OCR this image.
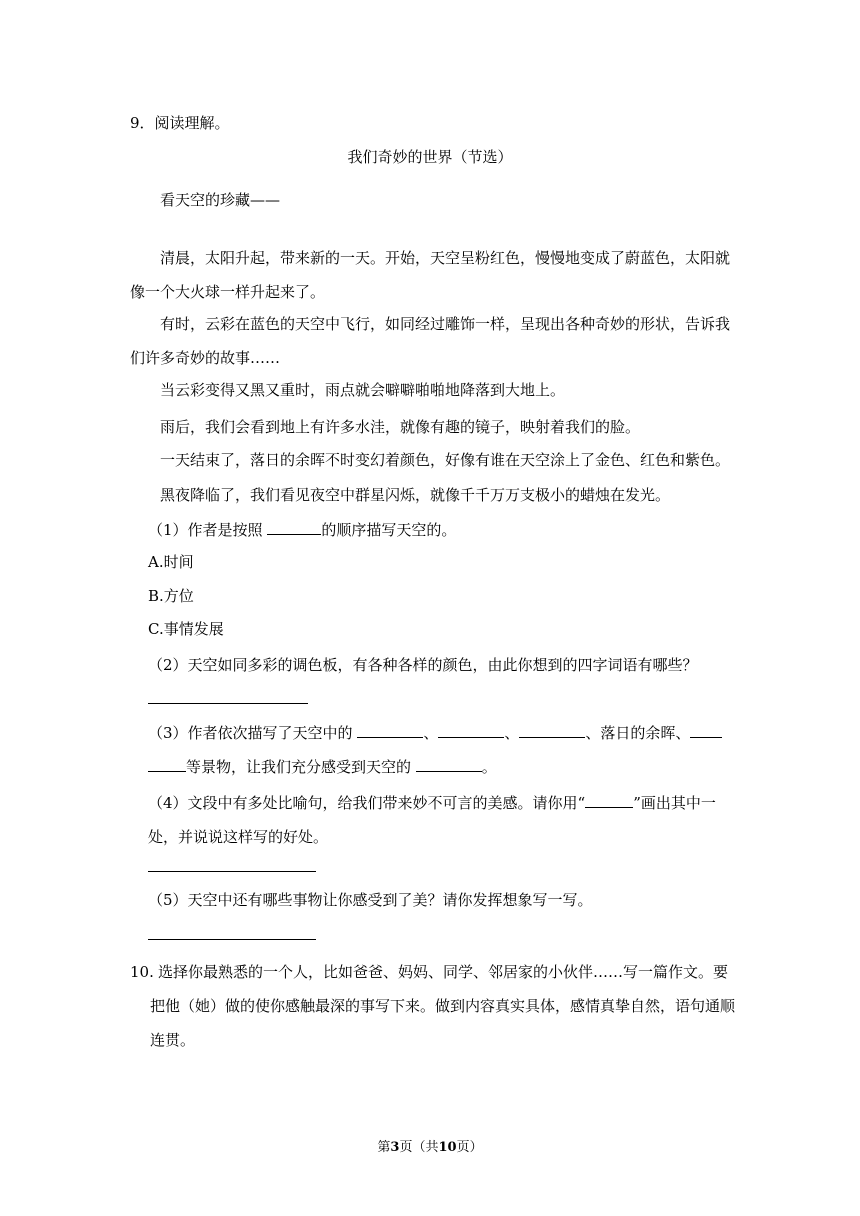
9．阅读理解。
我们奇妙的世界（节选）
看天空的珍藏——
清晨，太阳升起，带来新的一天。开始，天空呈粉红色，慢慢地变成了蔚蓝色，太阳就像一个大火球一样升起来了。
有时，云彩在蓝色的天空中飞行，如同经过雕饰一样，呈现出各种奇妙的形状，告诉我们许多奇妙的故事……
当云彩变得又黑又重时，雨点就会噼噼啪啪地降落到大地上。
雨后，我们会看到地上有许多水洼，就像有趣的镜子，映射着我们的脸。
一天结束了，落日的余晖不时变幻着颜色，好像有谁在天空涂上了金色、红色和紫色。
黑夜降临了，我们看见夜空中群星闪烁，就像千千万万支极小的蜡烛在发光。
（1）作者是按照	的顺序描写天空的。
A.时间
B.方位
C.事情发展
（2）天空如同多彩的调色板，有各种各样的颜色，由此你想到的四字词语有哪些？
（3）作者依次描写了天空中的	、	、	、落日的余晖、
等景物，让我们充分感受到天空的	。
（4）文段中有多处比喻句，给我们带来妙不可言的美感。请你用“	”画出其中一处，并说说这样写的好处。
（5）天空中还有哪些事物让你感受到了美？请你发挥想象写一写。
10. 选择你最熟悉的一个人，比如爸爸、妈妈、同学、邻居家的小伙伴……写一篇作文。要把他（她）做的使你感触最深的事写下来。做到内容真实具体，感情真挚自然，语句通顺连贯。
第3页（共10页）
